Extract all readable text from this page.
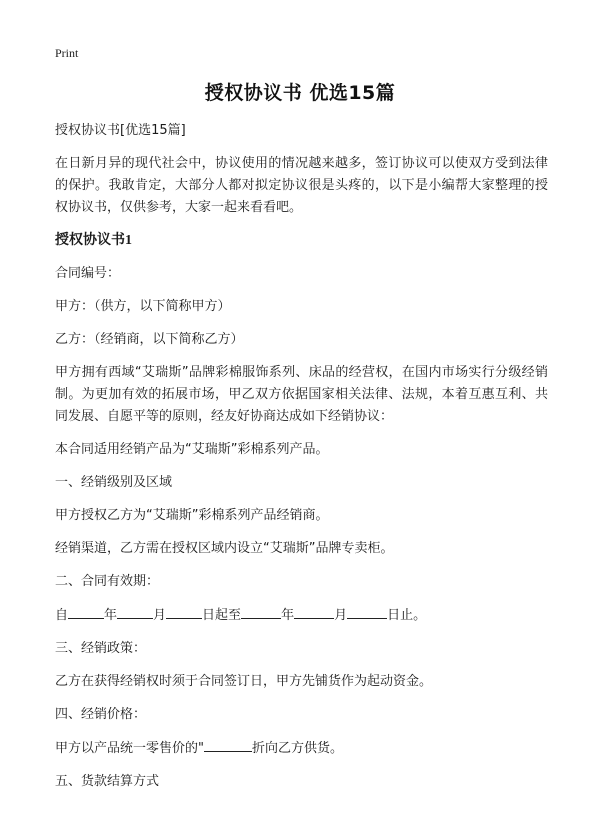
Print
授权协议书 优选15篇

授权协议书[优选15篇]

在日新月异的现代社会中，协议使用的情况越来越多，签订协议可以使双方受到法律的保护。我敢肯定，大部分人都对拟定协议很是头疼的，以下是小编帮大家整理的授权协议书，仅供参考，大家一起来看看吧。

授权协议书1

合同编号：

甲方：（供方，以下简称甲方）

乙方：（经销商，以下简称乙方）

甲方拥有西域“艾瑞斯”品牌彩棉服饰系列、床品的经营权，在国内市场实行分级经销制。为更加有效的拓展市场，甲乙双方依据国家相关法律、法规，本着互惠互利、共同发展、自愿平等的原则，经友好协商达成如下经销协议：

本合同适用经销产品为“艾瑞斯”彩棉系列产品。

一、经销级别及区域

甲方授权乙方为“艾瑞斯”彩棉系列产品经销商。

经销渠道，乙方需在授权区域内设立“艾瑞斯”品牌专卖柜。

二、合同有效期：

自	年	月	日起至	年	月	日止。

三、经销政策：

乙方在获得经销权时须于合同签订日，甲方先铺货作为起动资金。

四、经销价格：

甲方以产品统一零售价的"	折向乙方供货。

五、货款结算方式
